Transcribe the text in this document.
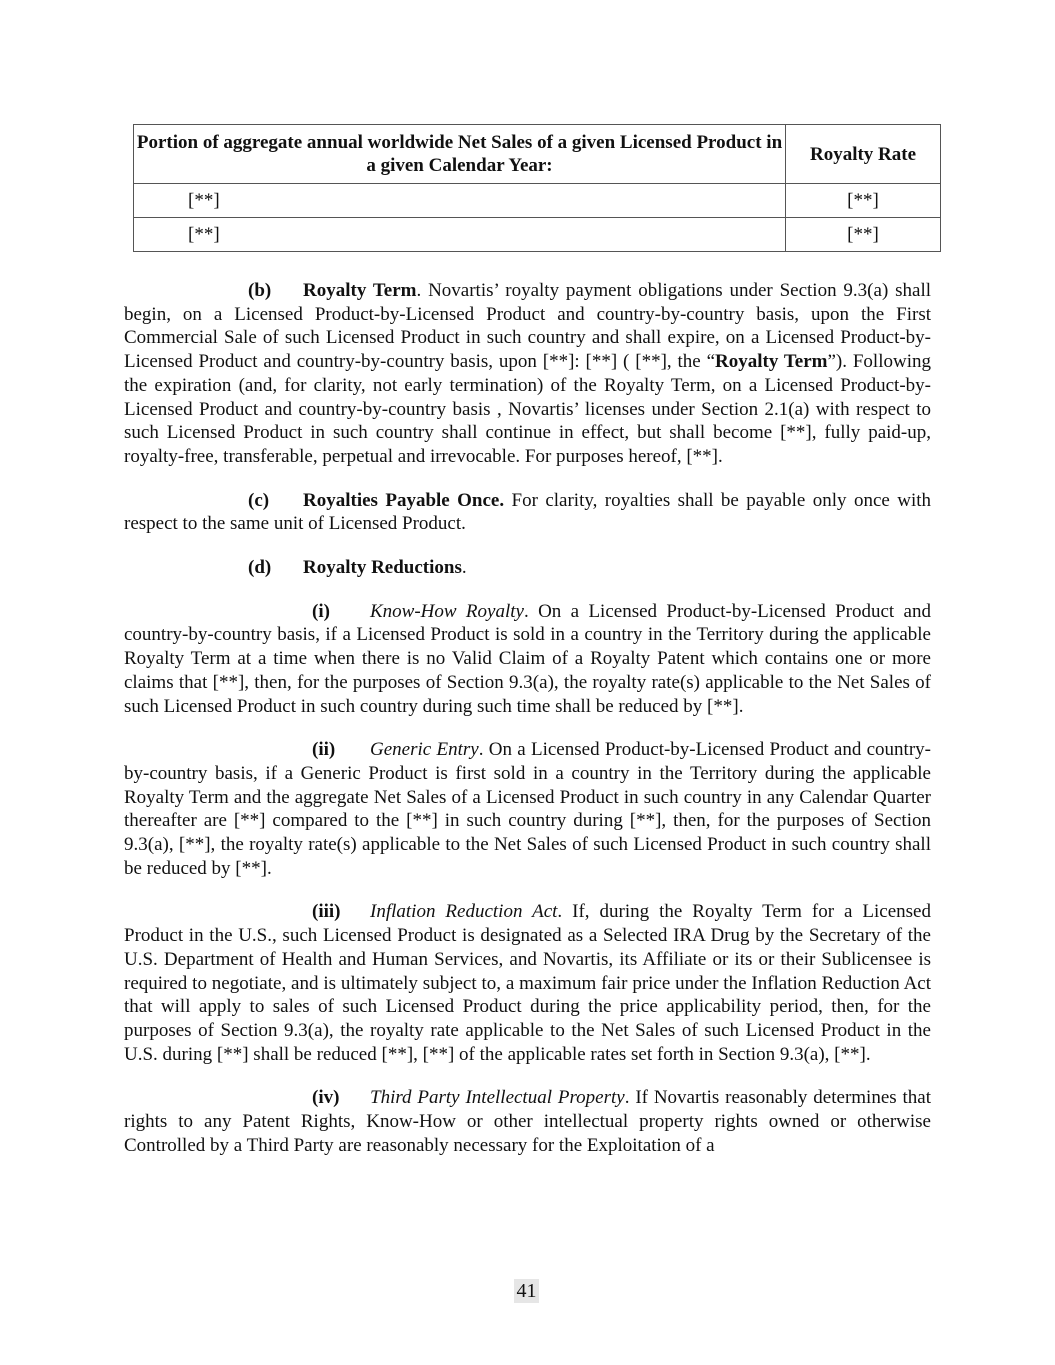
Portion of aggregate annual worldwide Net Sales of a given Licensed Product in a given Calendar Year:	Royalty Rate
[**]	[**]
[**]	[**]

(b) Royalty Term. Novartis’ royalty payment obligations under Section 9.3(a) shall begin, on a Licensed Product-by-Licensed Product and country-by-country basis, upon the First Commercial Sale of such Licensed Product in such country and shall expire, on a Licensed Product-by-Licensed Product and country-by-country basis, upon [**]: [**] ( [**], the “Royalty Term”). Following the expiration (and, for clarity, not early termination) of the Royalty Term, on a Licensed Product-by-Licensed Product and country-by-country basis , Novartis’ licenses under Section 2.1(a) with respect to such Licensed Product in such country shall continue in effect, but shall become [**], fully paid-up, royalty-free, transferable, perpetual and irrevocable. For purposes hereof, [**].

(c) Royalties Payable Once. For clarity, royalties shall be payable only once with respect to the same unit of Licensed Product.

(d) Royalty Reductions.

(i) Know-How Royalty. On a Licensed Product-by-Licensed Product and country-by-country basis, if a Licensed Product is sold in a country in the Territory during the applicable Royalty Term at a time when there is no Valid Claim of a Royalty Patent which contains one or more claims that [**], then, for the purposes of Section 9.3(a), the royalty rate(s) applicable to the Net Sales of such Licensed Product in such country during such time shall be reduced by [**].

(ii) Generic Entry. On a Licensed Product-by-Licensed Product and country-by-country basis, if a Generic Product is first sold in a country in the Territory during the applicable Royalty Term and the aggregate Net Sales of a Licensed Product in such country in any Calendar Quarter thereafter are [**] compared to the [**] in such country during [**], then, for the purposes of Section 9.3(a), [**], the royalty rate(s) applicable to the Net Sales of such Licensed Product in such country shall be reduced by [**].

(iii) Inflation Reduction Act. If, during the Royalty Term for a Licensed Product in the U.S., such Licensed Product is designated as a Selected IRA Drug by the Secretary of the U.S. Department of Health and Human Services, and Novartis, its Affiliate or its or their Sublicensee is required to negotiate, and is ultimately subject to, a maximum fair price under the Inflation Reduction Act that will apply to sales of such Licensed Product during the price applicability period, then, for the purposes of Section 9.3(a), the royalty rate applicable to the Net Sales of such Licensed Product in the U.S. during [**] shall be reduced [**], [**] of the applicable rates set forth in Section 9.3(a), [**].

(iv) Third Party Intellectual Property. If Novartis reasonably determines that rights to any Patent Rights, Know-How or other intellectual property rights owned or otherwise Controlled by a Third Party are reasonably necessary for the Exploitation of a

41
